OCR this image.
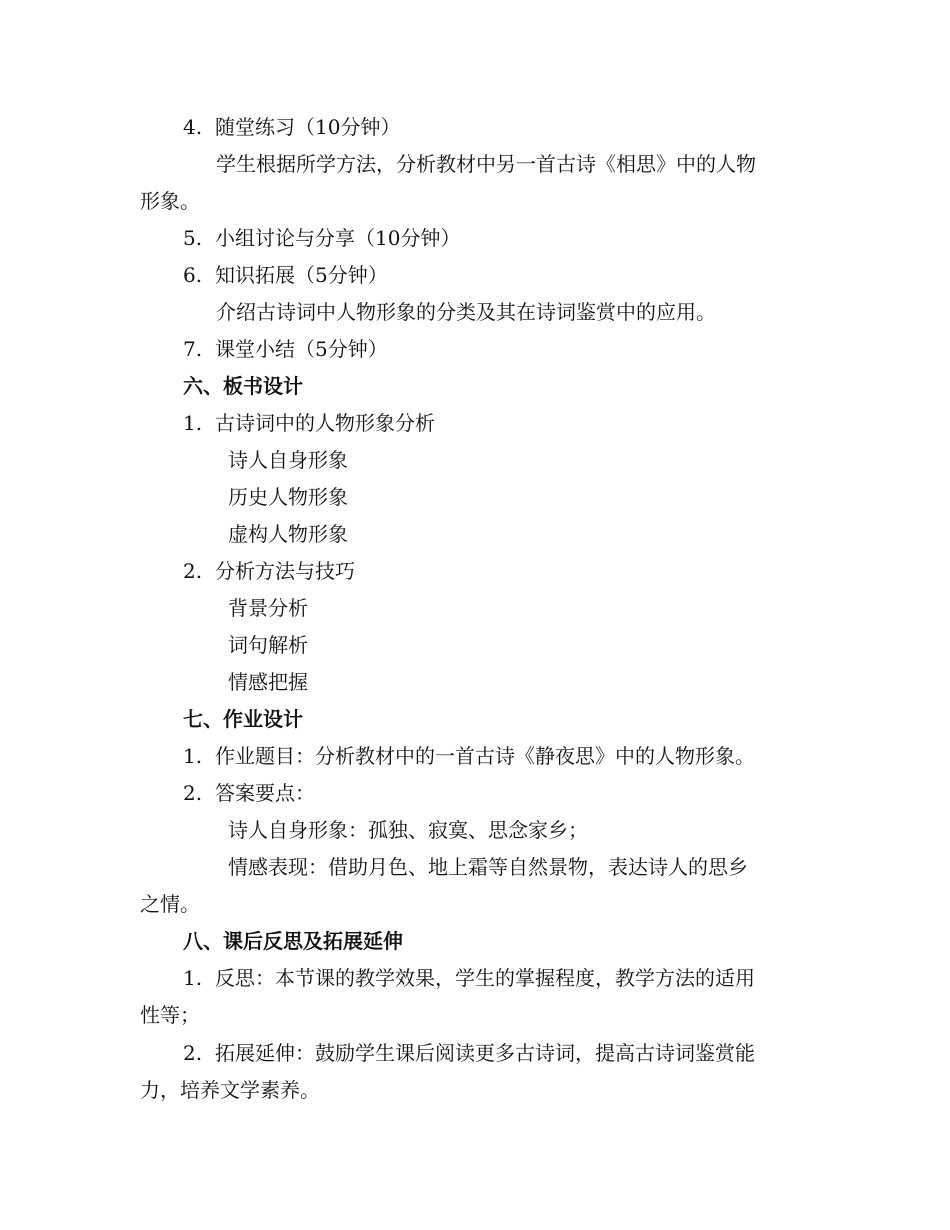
4. 随堂练习（10分钟）
学生根据所学方法，分析教材中另一首古诗《相思》中的人物
形象。
5. 小组讨论与分享（10分钟）
6. 知识拓展（5分钟）
介绍古诗词中人物形象的分类及其在诗词鉴赏中的应用。
7. 课堂小结（5分钟）
六、板书设计
1. 古诗词中的人物形象分析
诗人自身形象
历史人物形象
虚构人物形象
2. 分析方法与技巧
背景分析
词句解析
情感把握
七、作业设计
1. 作业题目：分析教材中的一首古诗《静夜思》中的人物形象。
2. 答案要点：
诗人自身形象：孤独、寂寞、思念家乡；
情感表现：借助月色、地上霜等自然景物，表达诗人的思乡
之情。
八、课后反思及拓展延伸
1. 反思：本节课的教学效果，学生的掌握程度，教学方法的适用
性等；
2. 拓展延伸：鼓励学生课后阅读更多古诗词，提高古诗词鉴赏能
力，培养文学素养。
